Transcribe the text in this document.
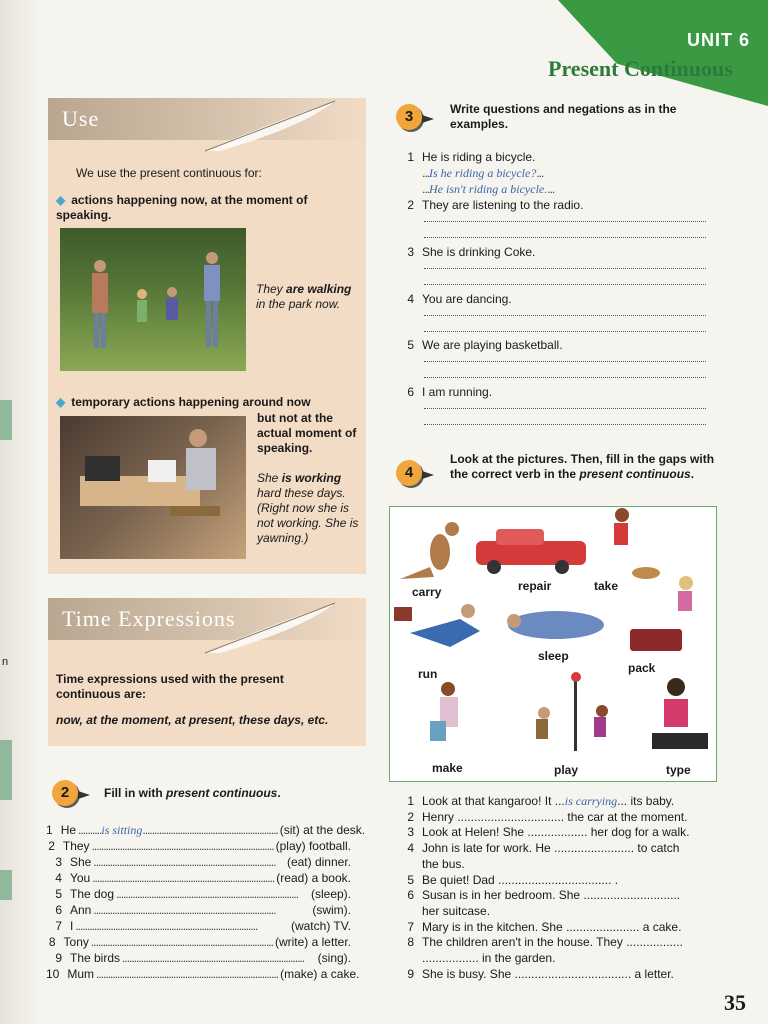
n
UNIT 6
Present Continuous
Use
We use the present continuous for:
◆ actions happening now, at the moment of speaking.
They are walking in the park now.
◆ temporary actions happening around now
but not at the actual moment of speaking.
She is working hard these days. (Right now she is not working. She is yawning.)
Time Expressions
Time expressions used with the present continuous are:
now, at the moment, at present, these days, etc.
2	Fill in with present continuous.
1 He .......... is sitting .......................................................... (sit) at the desk.
2 They .............................................................................. (play) football.
3 She .............................................................................. (eat) dinner.
4 You .............................................................................. (read) a book.
5 The dog ..............................................................................	(sleep).
6 Ann ..............................................................................	(swim).
7 I ..............................................................................	(watch) TV.
8 Tony .............................................................................. (write) a letter.
9 The birds ..............................................................................	(sing).
10 Mum .............................................................................. (make) a cake.
3	Write questions and negations as in the examples.
1 He is riding a bicycle.
...Is he riding a bicycle?...
...He isn't riding a bicycle....
2 They are listening to the radio.
3 She is drinking Coke.
4 You are dancing.
5 We are playing basketball.
6 I am running.
4
Look at the pictures. Then, fill in the gaps with the correct verb in the present continuous.
carry	repair	take
run
sleep
pack
make	play	type
1 Look at that kangaroo! It ...is carrying... its baby.
2 Henry ................................ the car at the moment.
3 Look at Helen! She .................. her dog for a walk.
4 John is late for work. He ........................ to catch
the bus.
5 Be quiet! Dad .................................. .
6 Susan is in her bedroom. She .............................
her suitcase.
7 Mary is in the kitchen. She ...................... a cake.
8 The children aren't in the house. They .................
................. in the garden.
9 She is busy. She ................................... a letter.
35
